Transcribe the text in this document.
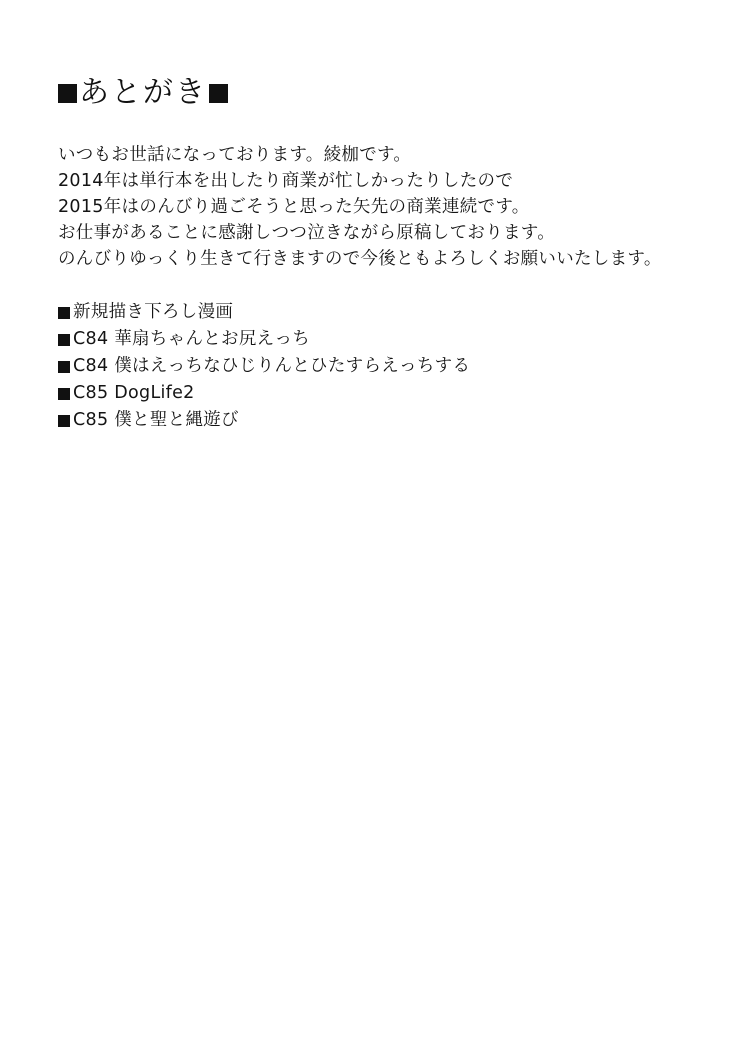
あとがき
いつもお世話になっております。綾枷です。
2014年は単行本を出したり商業が忙しかったりしたので
2015年はのんびり過ごそうと思った矢先の商業連続です。
お仕事があることに感謝しつつ泣きながら原稿しております。
のんびりゆっくり生きて行きますので今後ともよろしくお願いいたします。
新規描き下ろし漫画
C84 華扇ちゃんとお尻えっち
C84 僕はえっちなひじりんとひたすらえっちする
C85 DogLife2
C85 僕と聖と縄遊び
